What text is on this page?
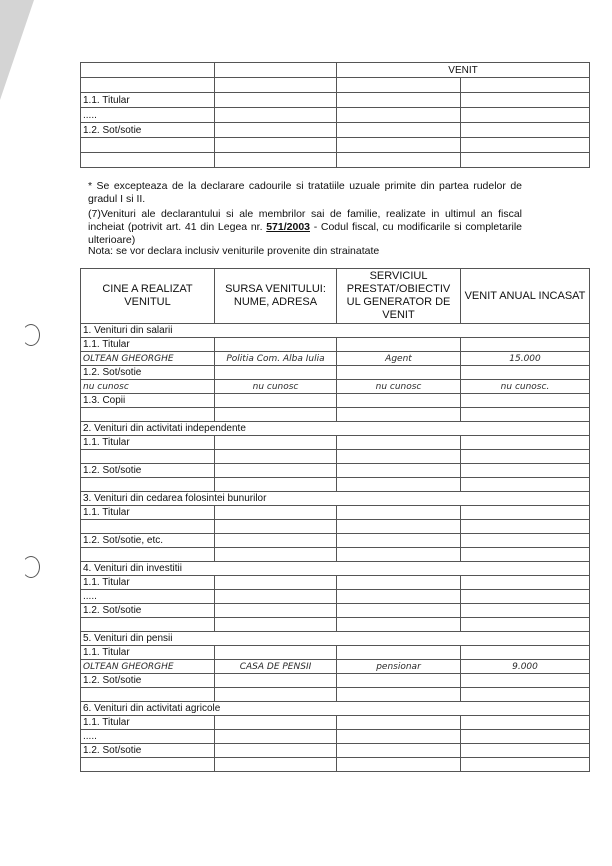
		VENIT	

1.1. Titular			
.....			
1.2. Sot/sotie			

* Se excepteaza de la declarare cadourile si tratatiile uzuale primite din partea rudelor de gradul I si II.

(7)Venituri ale declarantului si ale membrilor sai de familie, realizate in ultimul an fiscal incheiat (potrivit art. 41 din Legea nr. 571/2003 - Codul fiscal, cu modificarile si completarile ulterioare)

Nota: se vor declara inclusiv veniturile provenite din strainatate

CINE A REALIZAT VENITUL	SURSA VENITULUI: NUME, ADRESA	SERVICIUL PRESTAT/OBIECTIV UL GENERATOR DE VENIT	VENIT ANUAL INCASAT
1. Venituri din salarii			
1.1. Titular			
OLTEAN GHEORGHE	Politia Com. Alba Iulia	Agent	15.000
1.2. Sot/sotie			
nu cunosc	nu cunosc	nu cunosc	nu cunosc.
1.3. Copii			

2. Venituri din activitati independente			
1.1. Titular			

1.2. Sot/sotie			

3. Venituri din cedarea folosintei bunurilor			
1.1. Titular			

1.2. Sot/sotie, etc.			

4. Venituri din investitii			
1.1. Titular			
.....			
1.2. Sot/sotie			

5. Venituri din pensii			
1.1. Titular			
OLTEAN GHEORGHE	CASA DE PENSII	pensionar	9.000
1.2. Sot/sotie			

6. Venituri din activitati agricole			
1.1. Titular			
.....			
1.2. Sot/sotie			
